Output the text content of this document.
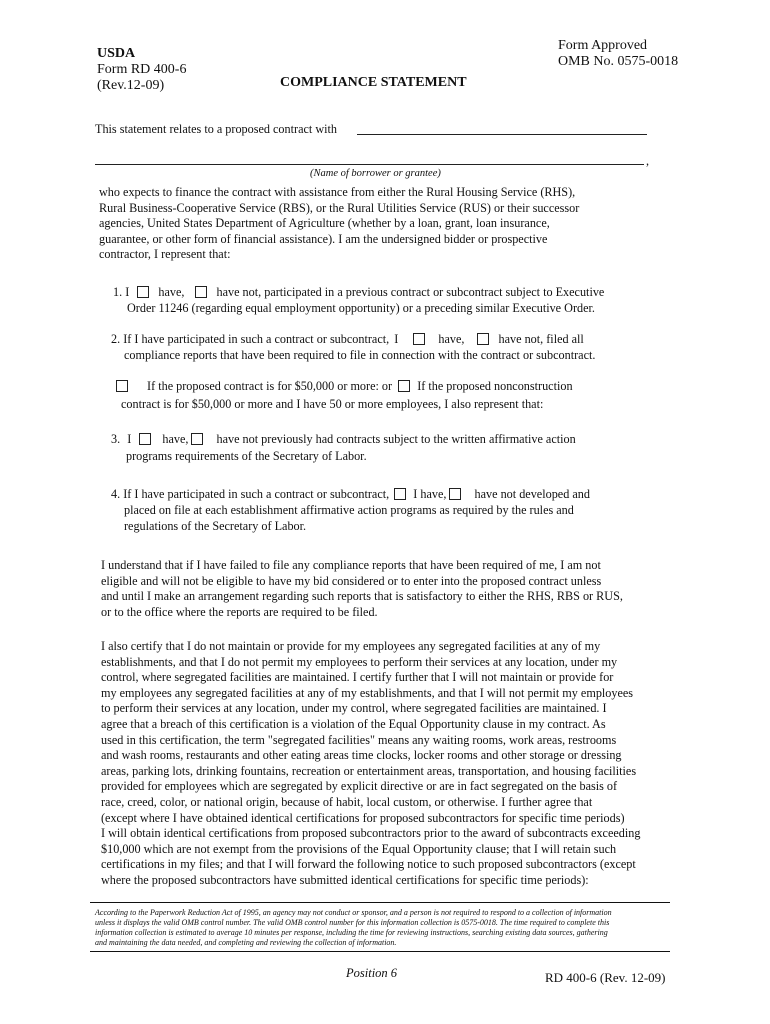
USDA
Form RD 400-6
(Rev.12-09)	COMPLIANCE STATEMENT
Form Approved
OMB No. 0575-0018
This statement relates to a proposed contract with
,
(Name of borrower or grantee)
who expects to finance the contract with assistance from either the Rural Housing Service (RHS),
Rural Business-Cooperative Service (RBS), or the Rural Utilities Service (RUS) or their successor
agencies, United States Department of Agriculture (whether by a loan, grant, loan insurance,
guarantee, or other form of financial assistance). I am the undersigned bidder or prospective
contractor, I represent that:
1. I have,	have not, participated in a previous contract or subcontract subject to Executive
Order 11246 (regarding equal employment opportunity) or a preceding similar Executive Order.
2. If I have participated in such a contract or subcontract, I	have,	have not, filed all
compliance reports that have been required to file in connection with the contract or subcontract.
If the proposed contract is for $50,000 or more: or If the proposed nonconstruction
contract is for $50,000 or more and I have 50 or more employees, I also represent that:
3. I	have, have not previously had contracts subject to the written affirmative action
programs requirements of the Secretary of Labor.
4. If I have participated in such a contract or subcontract, I have, have not developed and
placed on file at each establishment affirmative action programs as required by the rules and
regulations of the Secretary of Labor.
I understand that if I have failed to file any compliance reports that have been required of me, I am not
eligible and will not be eligible to have my bid considered or to enter into the proposed contract unless
and until I make an arrangement regarding such reports that is satisfactory to either the RHS, RBS or RUS,
or to the office where the reports are required to be filed.
I also certify that I do not maintain or provide for my employees any segregated facilities at any of my
establishments, and that I do not permit my employees to perform their services at any location, under my
control, where segregated facilities are maintained. I certify further that I will not maintain or provide for
my employees any segregated facilities at any of my establishments, and that I will not permit my employees
to perform their services at any location, under my control, where segregated facilities are maintained. I
agree that a breach of this certification is a violation of the Equal Opportunity clause in my contract. As
used in this certification, the term "segregated facilities" means any waiting rooms, work areas, restrooms
and wash rooms, restaurants and other eating areas time clocks, locker rooms and other storage or dressing
areas, parking lots, drinking fountains, recreation or entertainment areas, transportation, and housing facilities
provided for employees which are segregated by explicit directive or are in fact segregated on the basis of
race, creed, color, or national origin, because of habit, local custom, or otherwise. I further agree that
(except where I have obtained identical certifications for proposed subcontractors for specific time periods)
I will obtain identical certifications from proposed subcontractors prior to the award of subcontracts exceeding
$10,000 which are not exempt from the provisions of the Equal Opportunity clause; that I will retain such
certifications in my files; and that I will forward the following notice to such proposed subcontractors (except
where the proposed subcontractors have submitted identical certifications for specific time periods):
According to the Paperwork Reduction Act of 1995, an agency may not conduct or sponsor, and a person is not required to respond to a collection of information
unless it displays the valid OMB control number. The valid OMB control number for this information collection is 0575-0018. The time required to complete this
information collection is estimated to average 10 minutes per response, including the time for reviewing instructions, searching existing data sources, gathering
and maintaining the data needed, and completing and reviewing the collection of information.
Position 6	RD 400-6 (Rev. 12-09)
